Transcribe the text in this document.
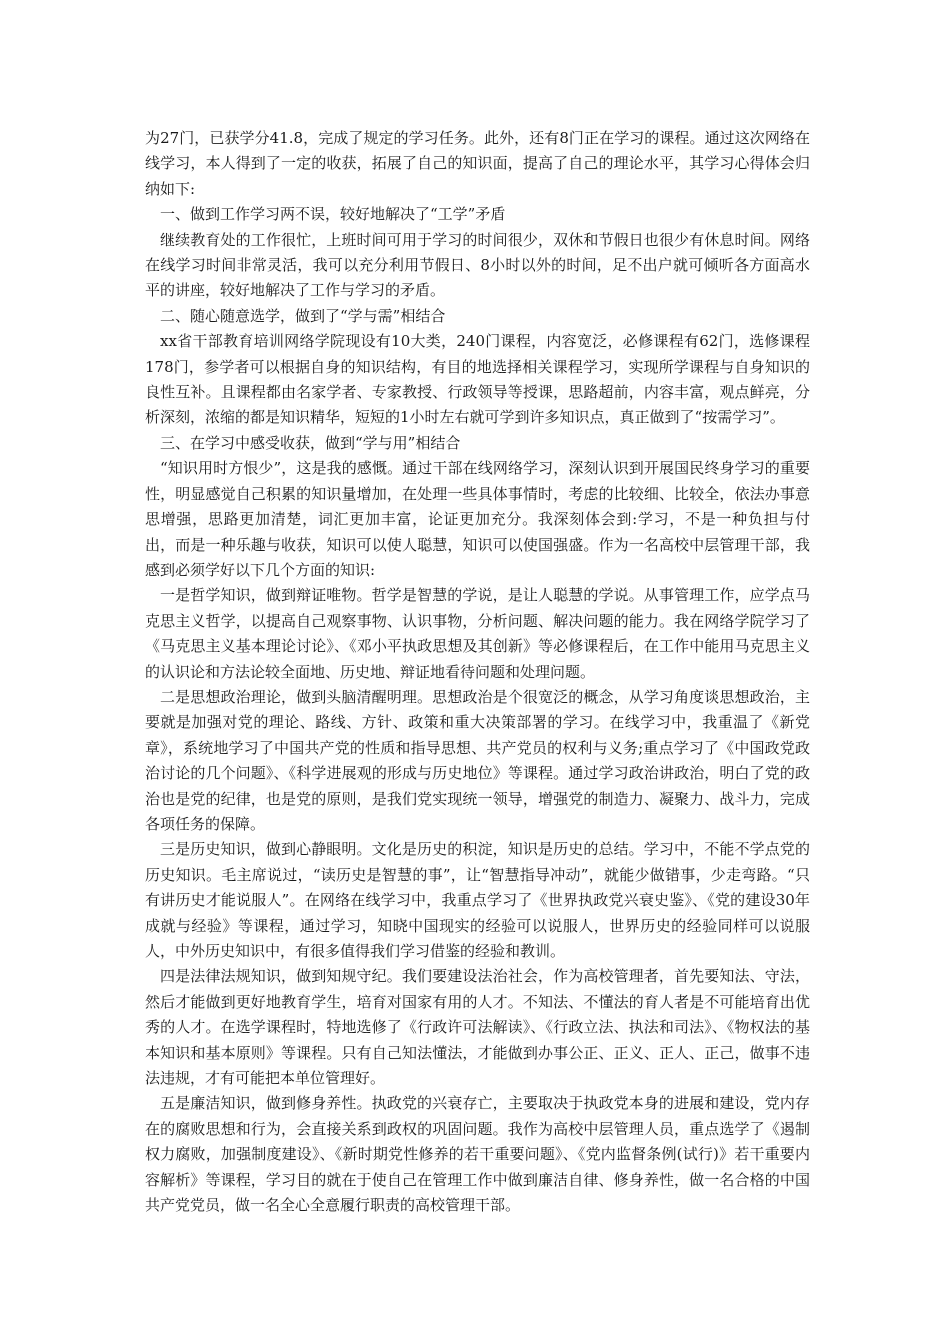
为27门，已获学分41.8，完成了规定的学习任务。此外，还有8门正在学习的课程。通过这次网络在线学习，本人得到了一定的收获，拓展了自己的知识面，提高了自己的理论水平，其学习心得体会归纳如下:

一、做到工作学习两不误，较好地解决了“工学”矛盾

继续教育处的工作很忙，上班时间可用于学习的时间很少，双休和节假日也很少有休息时间。网络在线学习时间非常灵活，我可以充分利用节假日、8小时以外的时间，足不出户就可倾听各方面高水平的讲座，较好地解决了工作与学习的矛盾。

二、随心随意选学，做到了“学与需”相结合

xx省干部教育培训网络学院现设有10大类，240门课程，内容宽泛，必修课程有62门，选修课程178门，参学者可以根据自身的知识结构，有目的地选择相关课程学习，实现所学课程与自身知识的良性互补。且课程都由名家学者、专家教授、行政领导等授课，思路超前，内容丰富，观点鲜亮，分析深刻，浓缩的都是知识精华，短短的1小时左右就可学到许多知识点，真正做到了“按需学习”。

三、在学习中感受收获，做到“学与用”相结合

“知识用时方恨少”，这是我的感慨。通过干部在线网络学习，深刻认识到开展国民终身学习的重要性，明显感觉自己积累的知识量增加，在处理一些具体事情时，考虑的比较细、比较全，依法办事意思增强，思路更加清楚，词汇更加丰富，论证更加充分。我深刻体会到:学习，不是一种负担与付出，而是一种乐趣与收获，知识可以使人聪慧，知识可以使国强盛。作为一名高校中层管理干部，我感到必须学好以下几个方面的知识:

一是哲学知识，做到辩证唯物。哲学是智慧的学说，是让人聪慧的学说。从事管理工作，应学点马克思主义哲学，以提高自己观察事物、认识事物，分析问题、解决问题的能力。我在网络学院学习了《马克思主义基本理论讨论》、《邓小平执政思想及其创新》等必修课程后，在工作中能用马克思主义的认识论和方法论较全面地、历史地、辩证地看待问题和处理问题。

二是思想政治理论，做到头脑清醒明理。思想政治是个很宽泛的概念，从学习角度谈思想政治，主要就是加强对党的理论、路线、方针、政策和重大决策部署的学习。在线学习中，我重温了《新党章》，系统地学习了中国共产党的性质和指导思想、共产党员的权利与义务;重点学习了《中国政党政治讨论的几个问题》、《科学进展观的形成与历史地位》等课程。通过学习政治讲政治，明白了党的政治也是党的纪律，也是党的原则，是我们党实现统一领导，增强党的制造力、凝聚力、战斗力，完成各项任务的保障。

三是历史知识，做到心静眼明。文化是历史的积淀，知识是历史的总结。学习中，不能不学点党的历史知识。毛主席说过，“读历史是智慧的事”，让“智慧指导冲动”，就能少做错事，少走弯路。“只有讲历史才能说服人”。在网络在线学习中，我重点学习了《世界执政党兴衰史鉴》、《党的建设30年成就与经验》等课程，通过学习，知晓中国现实的经验可以说服人，世界历史的经验同样可以说服人，中外历史知识中，有很多值得我们学习借鉴的经验和教训。

四是法律法规知识，做到知规守纪。我们要建设法治社会，作为高校管理者，首先要知法、守法，然后才能做到更好地教育学生，培育对国家有用的人才。不知法、不懂法的育人者是不可能培育出优秀的人才。在选学课程时，特地选修了《行政许可法解读》、《行政立法、执法和司法》、《物权法的基本知识和基本原则》等课程。只有自己知法懂法，才能做到办事公正、正义、正人、正己，做事不违法违规，才有可能把本单位管理好。

五是廉洁知识，做到修身养性。执政党的兴衰存亡，主要取决于执政党本身的进展和建设，党内存在的腐败思想和行为，会直接关系到政权的巩固问题。我作为高校中层管理人员，重点选学了《遏制权力腐败，加强制度建设》、《新时期党性修养的若干重要问题》、《党内监督条例(试行)》若干重要内容解析》等课程，学习目的就在于使自己在管理工作中做到廉洁自律、修身养性，做一名合格的中国共产党党员，做一名全心全意履行职责的高校管理干部。
